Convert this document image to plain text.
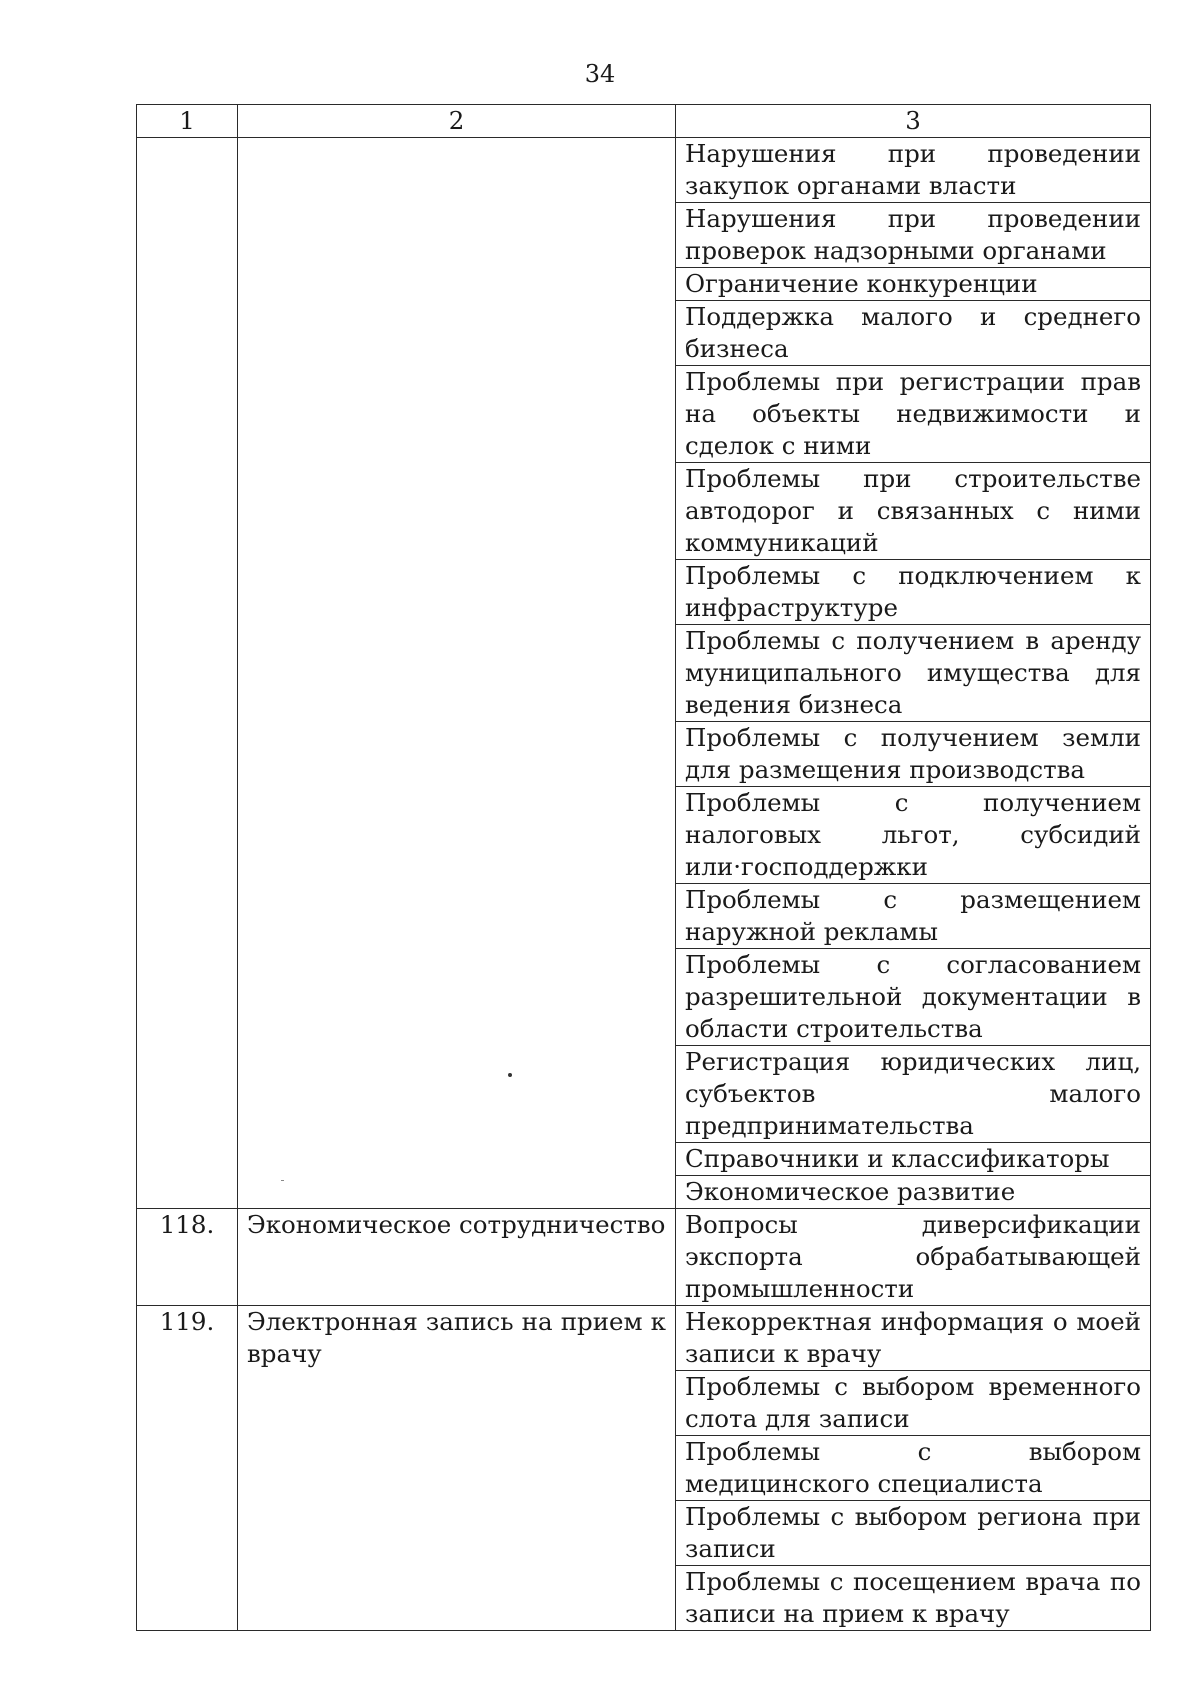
34
1	2	3
		Нарушения при проведении закупок органами власти
		Нарушения при проведении проверок надзорными органами
		Ограничение конкуренции
		Поддержка малого и среднего бизнеса
		Проблемы при регистрации прав на объекты недвижимости и сделок с ними
		Проблемы при строительстве автодорог и связанных с ними коммуникаций
		Проблемы с подключением к инфраструктуре
		Проблемы с получением в аренду муниципального имущества для ведения бизнеса
		Проблемы с получением земли для размещения производства
		Проблемы с получением налоговых льгот, субсидий или·господдержки
		Проблемы с размещением наружной рекламы
		Проблемы с согласованием разрешительной документации в области строительства
		Регистрация юридических лиц, субъектов малого предпринимательства
		Справочники и классификаторы
		Экономическое развитие
118.	Экономическое сотрудничество	Вопросы диверсификации экспорта обрабатывающей промышленности
119.	Электронная запись на прием к врачу	Некорректная информация о моей записи к врачу
		Проблемы с выбором временного слота для записи
		Проблемы с выбором медицинского специалиста
		Проблемы с выбором региона при записи
		Проблемы с посещением врача по записи на прием к врачу
